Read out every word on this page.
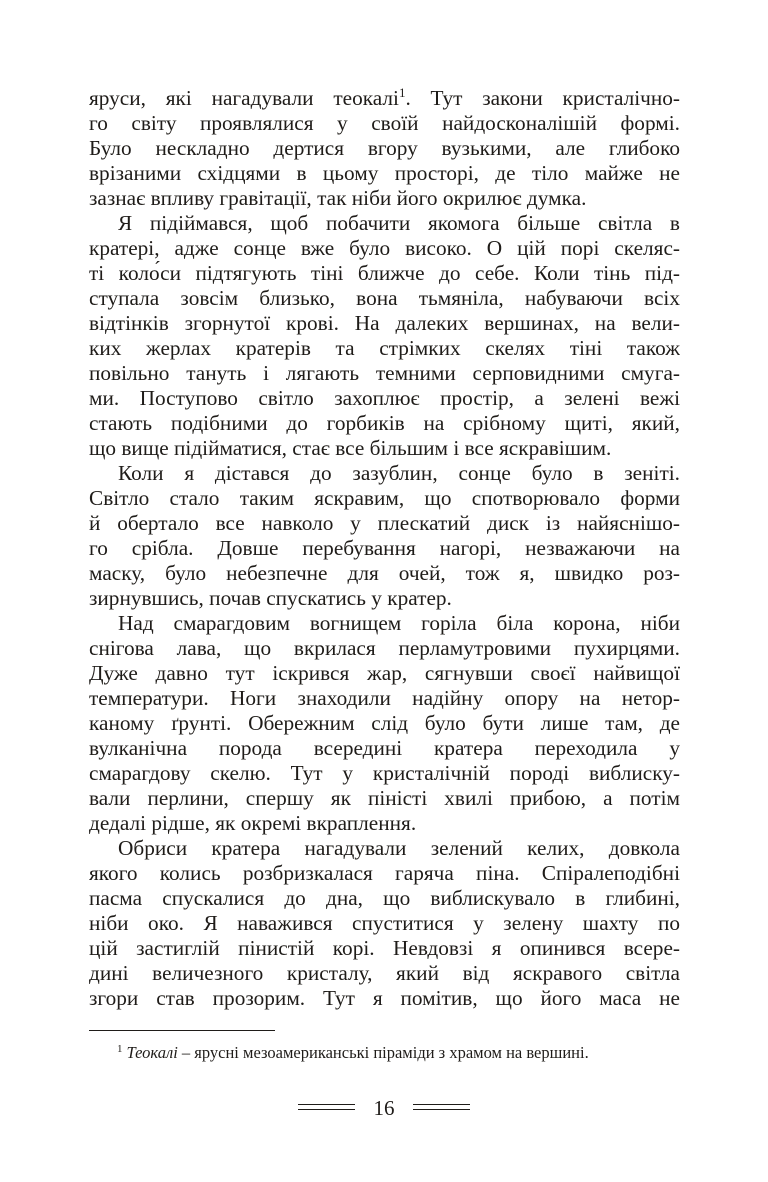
яруси, які нагадували теокалі$^1$. Тут закони кристалічно-
го світу проявлялися у своїй найдосконалішій формі.
Було нескладно дертися вгору вузькими, але глибоко
врізаними східцями в цьому просторі, де тіло майже не
зазнає впливу гравітації, так ніби його окрилює думка.
Я підіймався, щоб побачити якомога більше світла в
кратері, адже сонце вже було високо. О цій порі скеляс-
ті коло́си підтягують тіні ближче до себе. Коли тінь під-
ступала зовсім близько, вона тьмяніла, набуваючи всіх
відтінків згорнутої крові. На далеких вершинах, на вели-
ких жерлах кратерів та стрімких скелях тіні також
повільно тануть і лягають темними серповидними смуга-
ми. Поступово світло захоплює простір, а зелені вежі
стають подібними до горбиків на срібному щиті, який,
що вище підійматися, стає все більшим і все яскравішим.
Коли я дістався до зазублин, сонце було в зеніті.
Світло стало таким яскравим, що спотворювало форми
й обертало все навколо у плескатий диск із найяснішо-
го срібла. Довше перебування нагорі, незважаючи на
маску, було небезпечне для очей, тож я, швидко роз-
зирнувшись, почав спускатись у кратер.
Над смарагдовим вогнищем горіла біла корона, ніби
снігова лава, що вкрилася перламутровими пухирцями.
Дуже давно тут іскрився жар, сягнувши своєї найвищої
температури. Ноги знаходили надійну опору на нетор-
каному ґрунті. Обережним слід було бути лише там, де
вулканічна порода всередині кратера переходила у
смарагдову скелю. Тут у кристалічній породі виблиску-
вали перлини, спершу як піністі хвилі прибою, а потім
дедалі рідше, як окремі вкраплення.
Обриси кратера нагадували зелений келих, довкола
якого колись розбризкалася гаряча піна. Спіралеподібні
пасма спускалися до дна, що виблискувало в глибині,
ніби око. Я наважився спуститися у зелену шахту по
цій застиглій пінистій корі. Невдовзі я опинився всере-
дині величезного кристалу, який від яскравого світла
згори став прозорим. Тут я помітив, що його маса не
$^1$ Теокалі – ярусні мезоамериканські піраміди з храмом на вершині.
16
